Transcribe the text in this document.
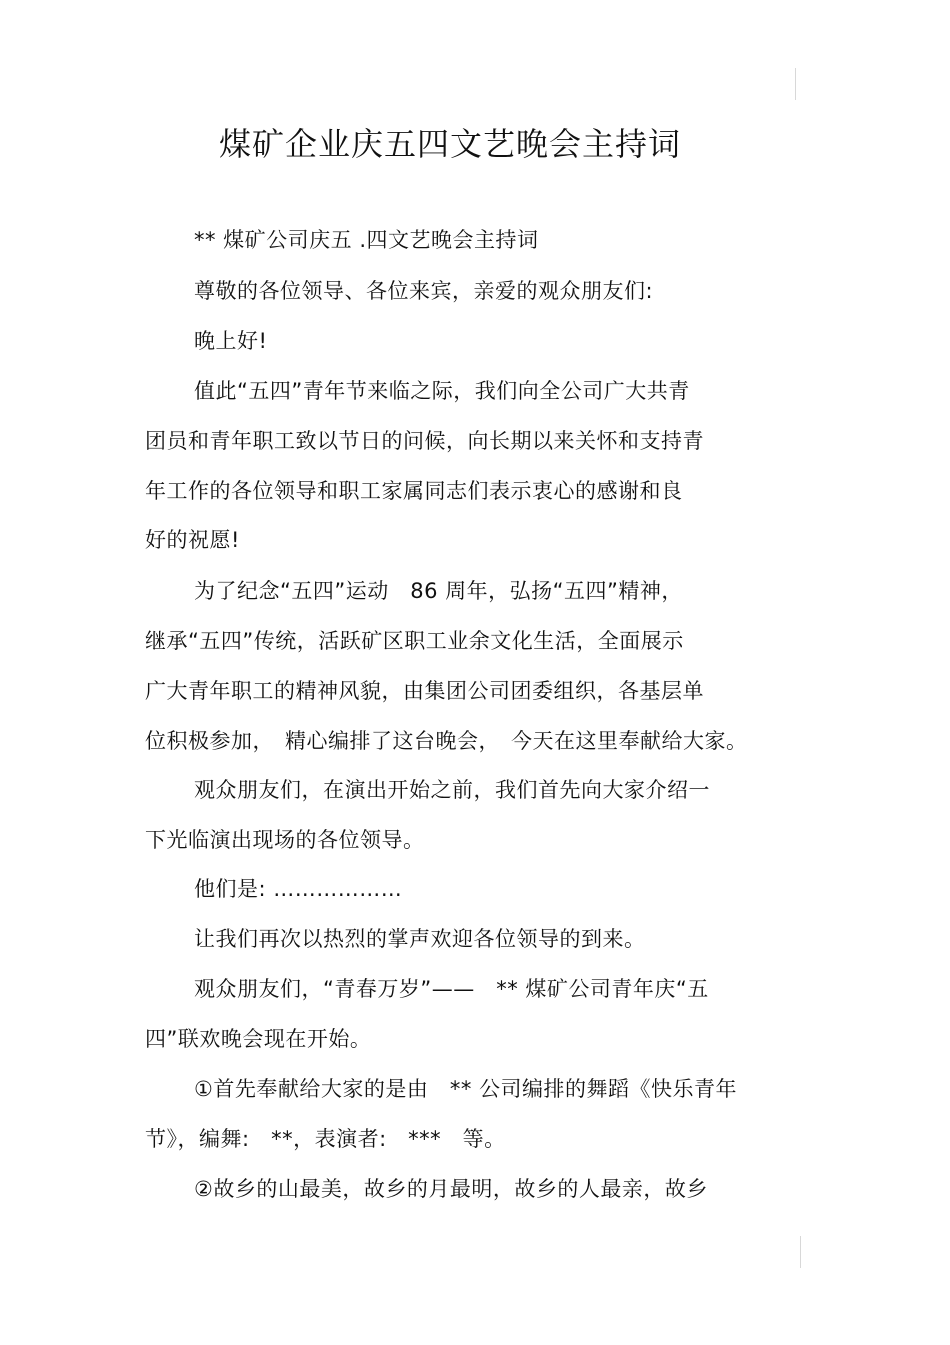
煤矿企业庆五四文艺晚会主持词
** 煤矿公司庆五 .四文艺晚会主持词
尊敬的各位领导、各位来宾，亲爱的观众朋友们:
晚上好!
值此“五四”青年节来临之际，我们向全公司广大共青
团员和青年职工致以节日的问候，向长期以来关怀和支持青
年工作的各位领导和职工家属同志们表示衷心的感谢和良
好的祝愿!
为了纪念“五四”运动　86 周年，弘扬“五四”精神，
继承“五四”传统，活跃矿区职工业余文化生活，全面展示
广大青年职工的精神风貌，由集团公司团委组织，各基层单
位积极参加，　精心编排了这台晚会，　今天在这里奉献给大家。
观众朋友们，在演出开始之前，我们首先向大家介绍一
下光临演出现场的各位领导。
他们是: ………………
让我们再次以热烈的掌声欢迎各位领导的到来。
观众朋友们，“青春万岁”——　** 煤矿公司青年庆“五
四”联欢晚会现在开始。
①首先奉献给大家的是由　** 公司编排的舞蹈《快乐青年
节》，编舞:　**，表演者:　***　等。
②故乡的山最美，故乡的月最明，故乡的人最亲，故乡
